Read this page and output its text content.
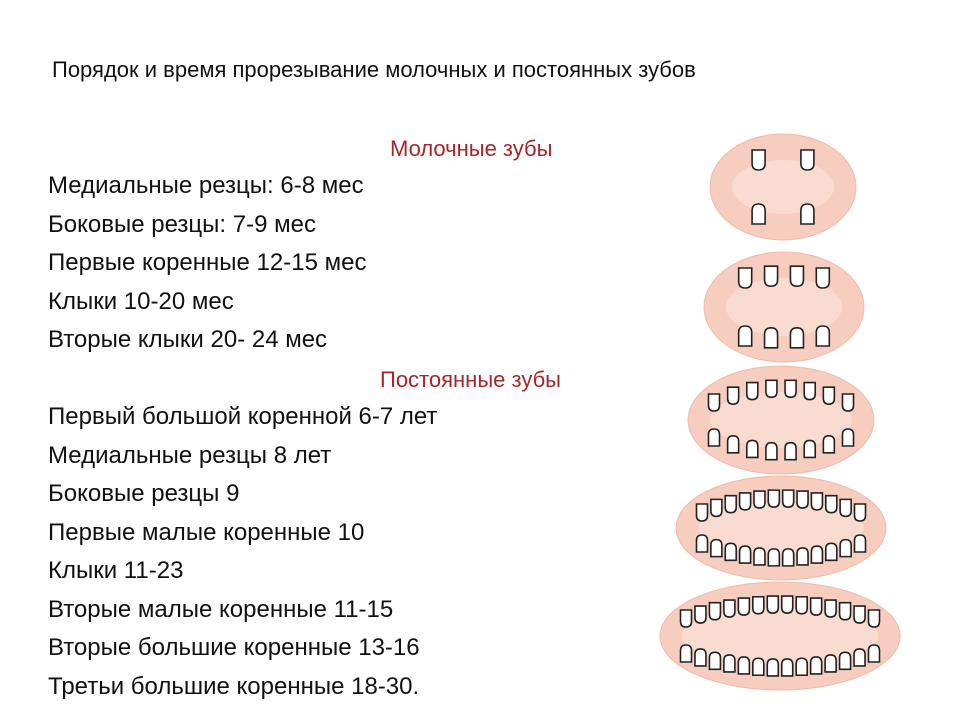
Порядок и время прорезывание молочных и постоянных зубов
Молочные зубы
Медиальные резцы: 6-8 мес
Боковые резцы: 7-9 мес
Первые коренные 12-15 мес
Клыки 10-20 мес
Вторые клыки 20- 24 мес
Постоянные зубы
Первый большой коренной 6-7 лет
Медиальные резцы 8 лет
Боковые резцы 9
Первые малые коренные 10
Клыки 11-23
Вторые малые коренные 11-15
Вторые большие коренные 13-16
Третьи большие коренные 18-30.
